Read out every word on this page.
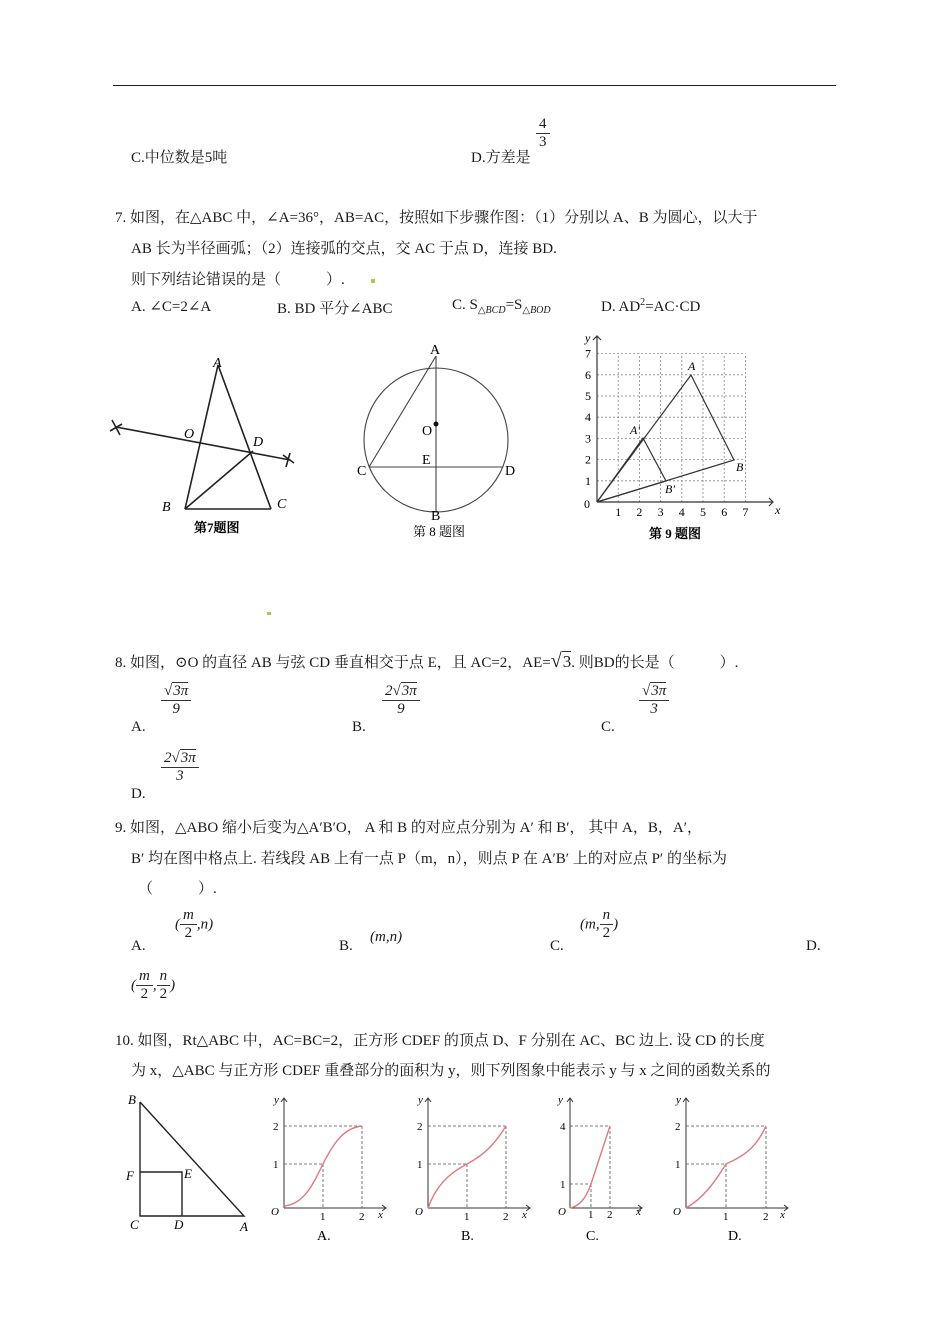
C.中位数是5吨	D.方差是
$\frac{4}{3}$
7. 如图，在△ABC 中，∠A=36°，AB=AC，按照如下步骤作图：（1）分别以 A、B 为圆心，以大于
AB 长为半径画弧；（2）连接弧的交点，交 AC 于点 D，连接 BD.
则下列结论错误的是（　　　）.
A. ∠C=2∠A	B. BD 平分∠ABC	C. $S_{\triangle BCD}=S_{\triangle BOD}$	D. $AD^2=AC\cdot CD$
A
O
D
B	C
第7题图
A
O
E
C	D
B
第 8 题图
7
6
5
4
3
2
1
1 2 3 4 5 6 7
y
x
0
A
A'
B
B'
第 9 题图
8. 如图，⊙O 的直径 AB 与弦 CD 垂直相交于点 E，且 AC=2，AE=√3. 则BD的长是（　　　）.
A.
$\frac{√3\pi}{9}$
B.
$\frac{2√3\pi}{9}$
C.
$\frac{√3\pi}{3}$
D.
$\frac{2√3\pi}{3}$
9. 如图，△ABO 缩小后变为△A′B′O， A 和 B 的对应点分别为 A′ 和 B′， 其中 A，B，A′，
B′ 均在图中格点上. 若线段 AB 上有一点 P（m，n），则点 P 在 A′B′ 上的对应点 P′ 的坐标为
（　　　）.
A.
( $\frac{m}{2} ,n$)
B.
(m,n)
C.
(m, $\frac{n}{2}$ )
D.
( $\frac{m}{2}$ , $\frac{n}{2}$ )
10. 如图，Rt△ABC 中，AC=BC=2，正方形 CDEF 的顶点 D、F 分别在 AC、BC 边上. 设 CD 的长度
为 x，△ABC 与正方形 CDEF 重叠部分的面积为 y，则下列图象中能表示 y 与 x 之间的函数关系的
B
F	E
C	D	A
y
x
O
2
1
1	2
A.
y
x
O
2
1
1	2
B.
y
x
O
4
1
1 2
C.
y
x
O
2
1
1	2
D.
